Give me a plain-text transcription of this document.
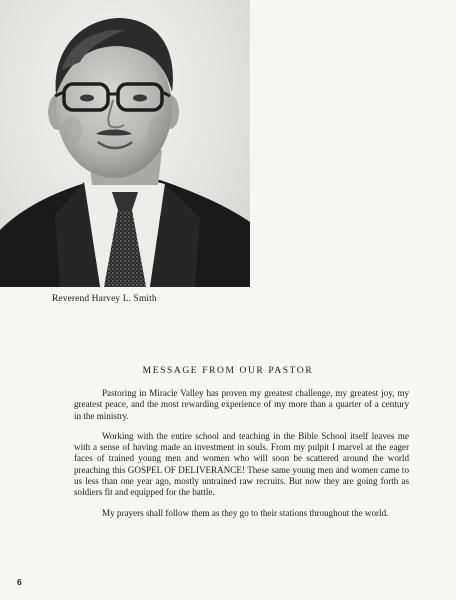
Reverend Harvey L. Smith

MESSAGE FROM OUR PASTOR

Pastoring in Miracle Valley has proven my greatest challenge, my greatest joy, my greatest peace, and the most rewarding experience of my more than a quarter of a century in the ministry.

Working with the entire school and teaching in the Bible School itself leaves me with a sense of having made an investment in souls. From my pulpit I marvel at the eager faces of trained young men and women who will soon be scattered around the world preaching this GOSPEL OF DELIVERANCE! These same young men and women came to us less than one year ago, mostly untrained raw recruits. But now they are going forth as soldiers fit and equipped for the battle.

My prayers shall follow them as they go to their stations throughout the world.

6
